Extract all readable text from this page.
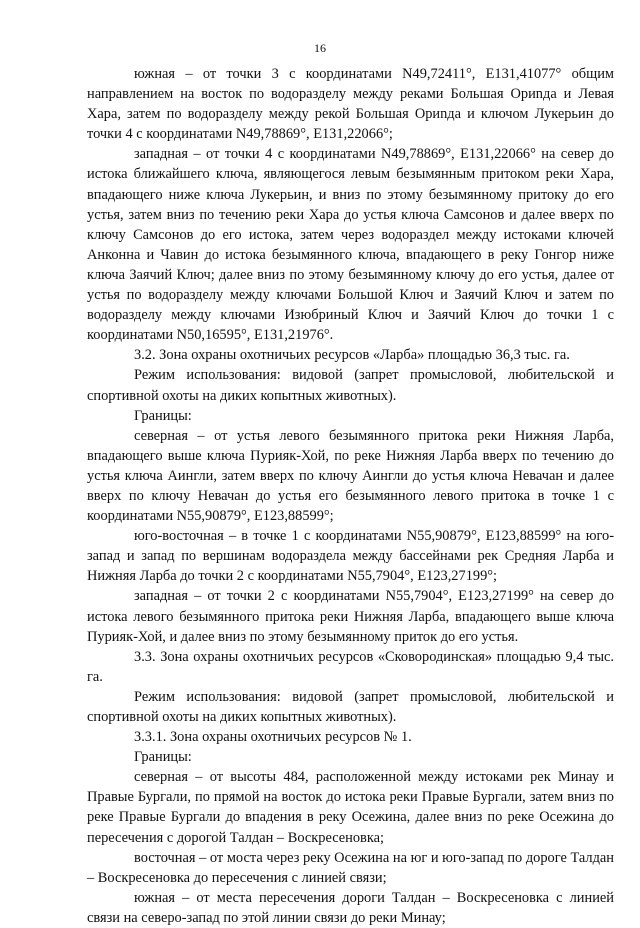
16

южная – от точки 3 с координатами N49,72411°, E131,41077° общим направлением на восток по водоразделу между реками Большая Ориnда и Левая Хара, затем по водоразделу между рекой Большая Ориnда и ключом Лукерьин до точки 4 с координатами N49,78869°, E131,22066°;

западная – от точки 4 с координатами N49,78869°, E131,22066° на север до истока ближайшего ключа, являющегося левым безымянным притоком реки Хара, впадающего ниже ключа Лукерьин, и вниз по этому безымянному притоку до его устья, затем вниз по течению реки Хара до устья ключа Самсонов и далее вверх по ключу Самсонов до его истока, затем через водораздел между истоками ключей Анконна и Чавин до истока безымянного ключа, впадающего в реку Гонгор ниже ключа Заячий Ключ; далее вниз по этому безымянному ключу до его устья, далее от устья по водоразделу между ключами Большой Ключ и Заячий Ключ и затем по водоразделу между ключами Изюбриный Ключ и Заячий Ключ до точки 1 с координатами N50,16595°, E131,21976°.

3.2. Зона охраны охотничьих ресурсов «Ларба» площадью 36,3 тыс. га.

Режим использования: видовой (запрет промысловой, любительской и спортивной охоты на диких копытных животных).

Границы:

северная – от устья левого безымянного притока реки Нижняя Ларба, впадающего выше ключа Пурияк-Хой, по реке Нижняя Ларба вверх по течению до устья ключа Аингли, затем вверх по ключу Аингли до устья ключа Невачан и далее вверх по ключу Невачан до устья его безымянного левого притока в точке 1 с координатами N55,90879°, E123,88599°;

юго-восточная – в точке 1 с координатами N55,90879°, E123,88599° на юго-запад и запад по вершинам водораздела между бассейнами рек Средняя Ларба и Нижняя Ларба до точки 2 с координатами N55,7904°, E123,27199°;

западная – от точки 2 с координатами N55,7904°, E123,27199° на север до истока левого безымянного притока реки Нижняя Ларба, впадающего выше ключа Пурияк-Хой, и далее вниз по этому безымянному приток до его устья.

3.3. Зона охраны охотничьих ресурсов «Сковородинская» площадью 9,4 тыс. га.

Режим использования: видовой (запрет промысловой, любительской и спортивной охоты на диких копытных животных).

3.3.1. Зона охраны охотничьих ресурсов № 1.

Границы:

северная – от высоты 484, расположенной между истоками рек Минау и Правые Бургали, по прямой на восток до истока реки Правые Бургали, затем вниз по реке Правые Бургали до впадения в реку Осежина, далее вниз по реке Осежина до пересечения с дорогой Талдан – Воскресеновка;

восточная – от моста через реку Осежина на юг и юго-запад по дороге Талдан – Воскресеновка до пересечения с линией связи;

южная – от места пересечения дороги Талдан – Воскресеновка с линией связи на северо-запад по этой линии связи до реки Минау;
